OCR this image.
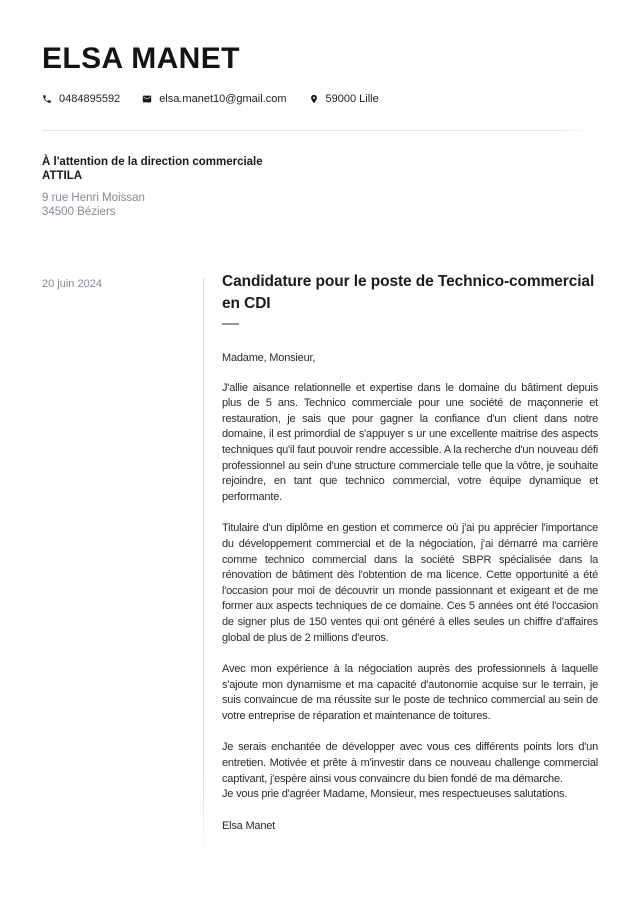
ELSA MANET
0484895592	elsa.manet10@gmail.com	59000 Lille
À l'attention de la direction commerciale
ATTILA
9 rue Henri Moissan
34500 Béziers
20 juin 2024	Candidature pour le poste de Technico-commercial en CDI

Madame, Monsieur,

J'allie aisance relationnelle et expertise dans le domaine du bâtiment depuis plus de 5 ans. Technico commerciale pour une société de maçonnerie et restauration, je sais que pour gagner la confiance d'un client dans notre domaine, il est primordial de s'appuyer s ur une excellente maitrise des aspects techniques qu'il faut pouvoir rendre accessible. A la recherche d'un nouveau défi professionnel au sein d'une structure commerciale telle que la vôtre, je souhaite rejoindre, en tant que technico commercial, votre équipe dynamique et performante.

Titulaire d'un diplôme en gestion et commerce où j'ai pu apprécier l'importance du développement commercial et de la négociation, j'ai démarré ma carrière comme technico commercial dans la société SBPR spécialisée dans la rénovation de bâtiment dès l'obtention de ma licence. Cette opportunité a été l'occasion pour moi de découvrir un monde passionnant et exigeant et de me former aux aspects techniques de ce domaine. Ces 5 années ont été l'occasion de signer plus de 150 ventes qui ont généré à elles seules un chiffre d'affaires global de plus de 2 millions d'euros.

Avec mon expérience à la négociation auprès des professionnels à laquelle s'ajoute mon dynamisme et ma capacité d'autonomie acquise sur le terrain, je suis convaincue de ma réussite sur le poste de technico commercial au sein de votre entreprise de réparation et maintenance de toitures.

Je serais enchantée de développer avec vous ces différents points lors d'un entretien. Motivée et prête à m'investir dans ce nouveau challenge commercial captivant, j'espère ainsi vous convaincre du bien fondé de ma démarche.
Je vous prie d'agréer Madame, Monsieur, mes respectueuses salutations.

Elsa Manet
